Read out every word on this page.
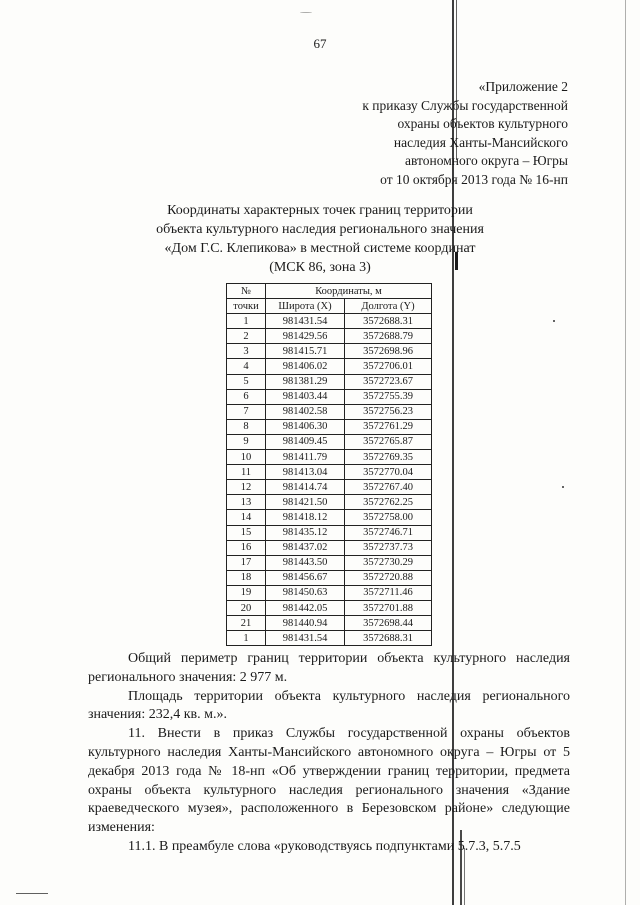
67
«Приложение 2
к приказу Службы государственной
охраны объектов культурного
наследия Ханты-Мансийского
автономного округа – Югры
от 10 октября 2013 года № 16-нп
Координаты характерных точек границ территории
объекта культурного наследия регионального значения
«Дом Г.С. Клепикова» в местной системе координат
(МСК 86, зона 3)
№	Координаты, м	
точки	Широта (Х)	Долгота (Y)
1	981431.54	3572688.31
2	981429.56	3572688.79
3	981415.71	3572698.96
4	981406.02	3572706.01
5	981381.29	3572723.67
6	981403.44	3572755.39
7	981402.58	3572756.23
8	981406.30	3572761.29
9	981409.45	3572765.87
10	981411.79	3572769.35
11	981413.04	3572770.04
12	981414.74	3572767.40
13	981421.50	3572762.25
14	981418.12	3572758.00
15	981435.12	3572746.71
16	981437.02	3572737.73
17	981443.50	3572730.29
18	981456.67	3572720.88
19	981450.63	3572711.46
20	981442.05	3572701.88
21	981440.94	3572698.44
1	981431.54	3572688.31

Общий периметр границ территории объекта культурного наследия регионального значения: 2 977 м.

Площадь территории объекта культурного наследия регионального значения: 232,4 кв. м.».

11. Внести в приказ Службы государственной охраны объектов культурного наследия Ханты-Мансийского автономного округа – Югры от 5 декабря 2013 года № 18-нп «Об утверждении границ территории, предмета охраны объекта культурного наследия регионального значения «Здание краеведческого музея», расположенного в Березовском районе» следующие изменения:

11.1. В преамбуле слова «руководствуясь подпунктами 5.7.3, 5.7.5
